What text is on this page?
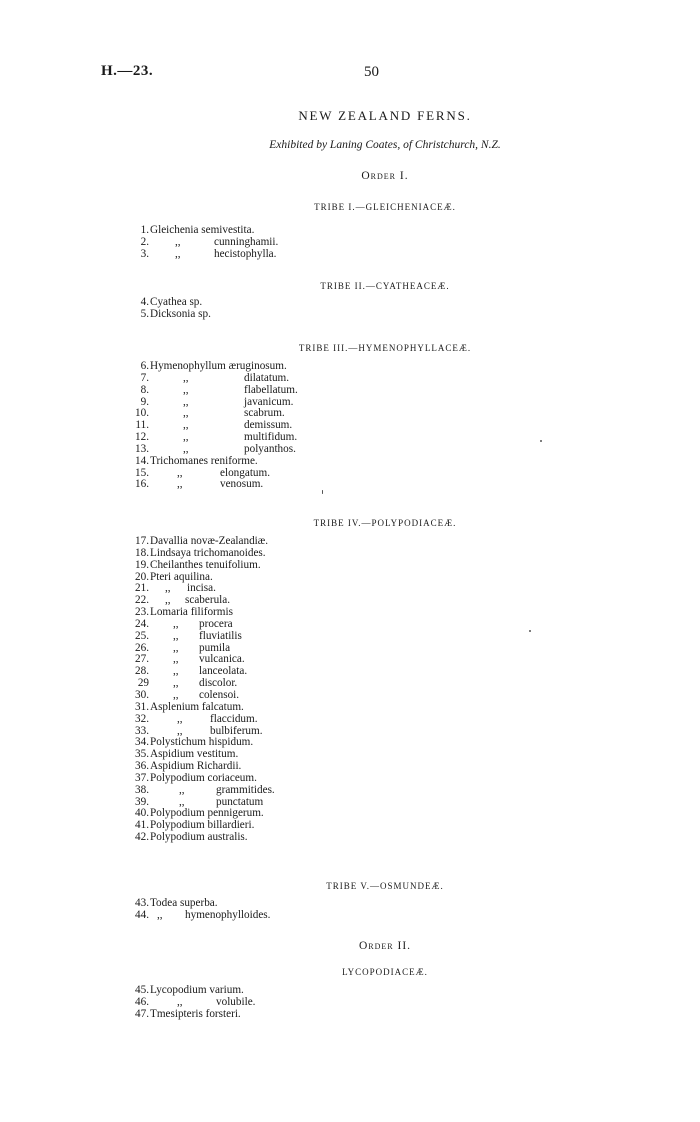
H.—23.	50
NEW ZEALAND FERNS.
Exhibited by Laning Coates, of Christchurch, N.Z.
Order I.
TRIBE I.—GLEICHENIACEÆ.
1. Gleichenia semivestita.
2. ,,	cunninghamii.
3. ,,	hecistophylla.
TRIBE II.—CYATHEACEÆ.
4. Cyathea sp.
5. Dicksonia sp.
TRIBE III.—HYMENOPHYLLACEÆ.
6. Hymenophyllum æruginosum.
7.	,,	dilatatum.
8.	,,	flabellatum.
9.	,,	javanicum.
10.	,,	scabrum.
11.	,,	demissum.
12.	,,	multifidum.
13.	,,	polyanthos.
14. Trichomanes reniforme.
15.	,,	elongatum.
16.	,,	venosum.
TRIBE IV.—POLYPODIACEÆ.
17. Davallia novæ-Zealandiæ.
18. Lindsaya trichomanoides.
19. Cheilanthes tenuifolium.
20. Pteri aquilina.
21. ,, incisa.
22. ,, scaberula.
23. Lomaria filiformis
24. ,, procera
25. ,, fluviatilis
26. ,, pumila
27. ,, vulcanica.
28. ,, lanceolata.
29 ,, discolor.
30. ,, colensoi.
31. Asplenium falcatum.
32.	,, flaccidum.
33.	,, bulbiferum.
34. Polystichum hispidum.
35. Aspidium vestitum.
36. Aspidium Richardii.
37. Polypodium coriaceum.
38.	,,	grammitides.
39.	,,	punctatum
40. Polypodium pennigerum.
41. Polypodium billardieri.
42. Polypodium australis.
TRIBE V.—OSMUNDEÆ.
43. Todea superba.
44. ,, hymenophylloides.
Order II.
LYCOPODIACEÆ.
45. Lycopodium varium.
46.	,,	volubile.
47. Tmesipteris forsteri.
